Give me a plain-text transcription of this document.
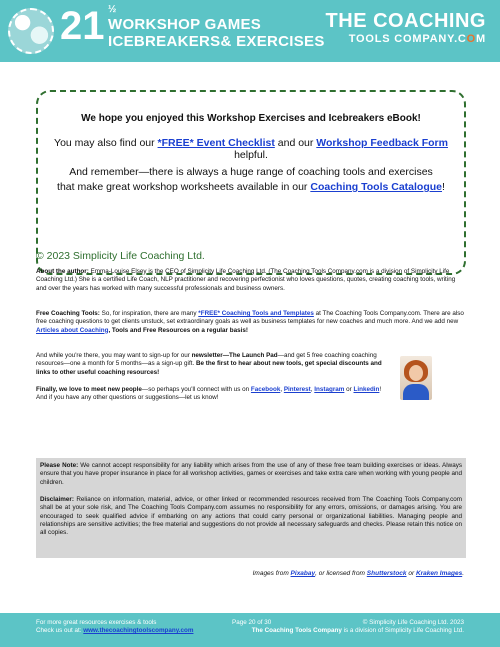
21 ½
WORKSHOP GAMES
ICEBREAKERS& EXERCISES
THE COACHING
TOOLS COMPANY.COM
We hope you enjoyed this Workshop Exercises and Icebreakers eBook!
You may also find our *FREE* Event Checklist and our Workshop Feedback Form helpful.
And remember—there is always a huge range of coaching tools and exercises
that make great workshop worksheets available in our Coaching Tools Catalogue!
© 2023 Simplicity Life Coaching Ltd.
About the author: Emma-Louise Elsey is the CEO of Simplicity Life Coaching Ltd. (The Coaching Tools Company.com is a division of Simplicity Life Coaching Ltd.) She is a certified Life Coach, NLP practitioner and recovering perfectionist who loves questions, quotes, creating coaching tools, writing and over the years has worked with many successful professionals and business owners.
Free Coaching Tools: So, for inspiration, there are many *FREE* Coaching Tools and Templates at The Coaching Tools Company.com. There are also free coaching questions to get clients unstuck, set extraordinary goals as well as business templates for new coaches and much more. And we add new Articles about Coaching, Tools and Free Resources on a regular basis!
And while you're there, you may want to sign-up for our newsletter—The Launch Pad—and get 5 free coaching coaching resources—one a month for 5 months—as a sign-up gift. Be the first to hear about new tools, get special discounts and links to other useful coaching resources!
Finally, we love to meet new people—so perhaps you'll connect with us on Facebook, Pinterest, Instagram or Linkedin! And if you have any other questions or suggestions—let us know!
Please Note: We cannot accept responsibility for any liability which arises from the use of any of these free team building exercises or ideas. Always ensure that you have proper insurance in place for all workshop activities, games or exercises and take extra care when working with young people and children.
Disclaimer: Reliance on information, material, advice, or other linked or recommended resources received from The Coaching Tools Company.com shall be at your sole risk, and The Coaching Tools Company.com assumes no responsibility for any errors, omissions, or damages arising. You are encouraged to seek qualified advice if embarking on any actions that could carry personal or organizational liabilities. Managing people and relationships are sensitive activities; the free material and suggestions do not provide all necessary safeguards and checks. Please retain this notice on all copies.
Images from Pixabay, or licensed from Shutterstock or Kraken Images.
For more great resources exercises & tools
Check us out at: www.thecoachingtoolscompany.com
Page 20 of 30	© Simplicity Life Coaching Ltd. 2023
The Coaching Tools Company is a division of Simplicity Life Coaching Ltd.
